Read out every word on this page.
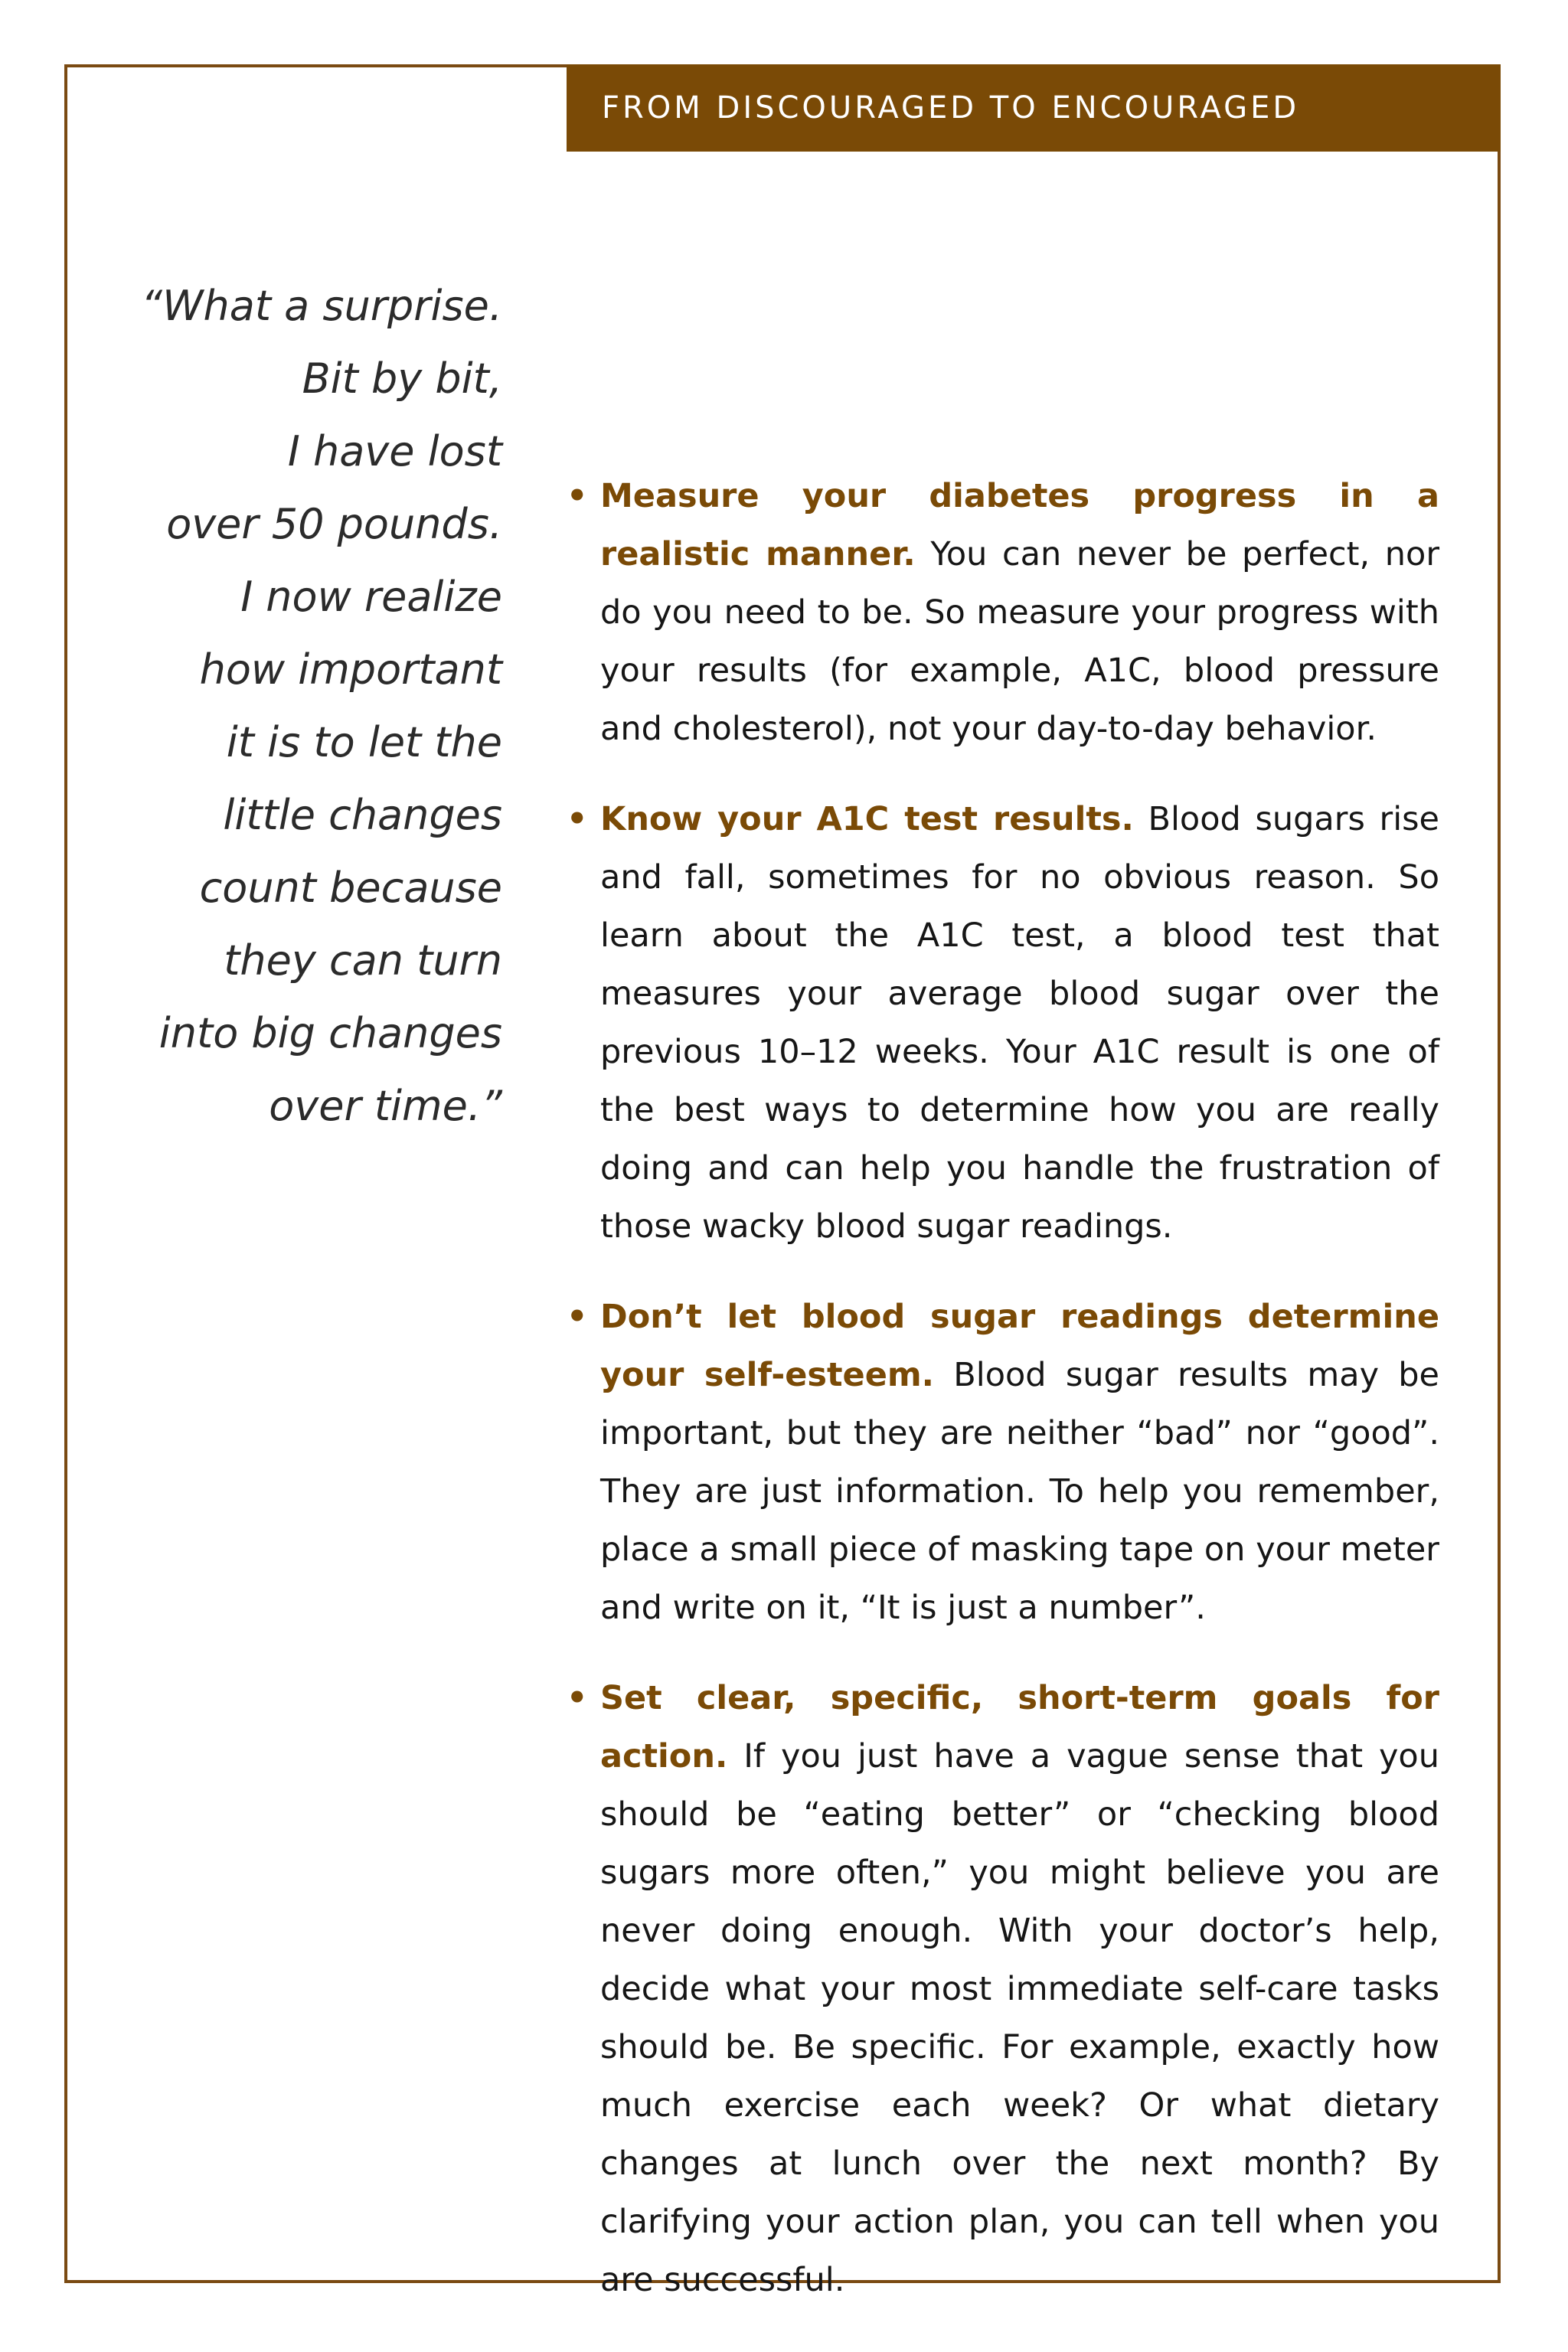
FROM DISCOURAGED TO ENCOURAGED
“What a surprise.
Bit by bit,
I have lost
over 50 pounds.
I now realize
how important
it is to let the
little changes
count because
they can turn
into big changes
over time.”
• Measure your diabetes progress in a realistic manner. You can never be perfect, nor do you need to be. So measure your progress with your results (for example, A1C, blood pressure and cholesterol), not your day-to-day behavior.
• Know your A1C test results. Blood sugars rise and fall, sometimes for no obvious reason. So learn about the A1C test, a blood test that measures your average blood sugar over the previous 10–12 weeks. Your A1C result is one of the best ways to determine how you are really doing and can help you handle the frustration of those wacky blood sugar readings.
• Don’t let blood sugar readings determine your self-esteem. Blood sugar results may be important, but they are neither “bad” nor “good”. They are just information. To help you remember, place a small piece of masking tape on your meter and write on it, “It is just a number”.
• Set clear, specific, short-term goals for action. If you just have a vague sense that you should be “eating better” or “checking blood sugars more often,” you might believe you are never doing enough. With your doctor’s help, decide what your most immediate self-care tasks should be. Be specific. For example, exactly how much exercise each week? Or what dietary changes at lunch over the next month? By clarifying your action plan, you can tell when you are successful.
